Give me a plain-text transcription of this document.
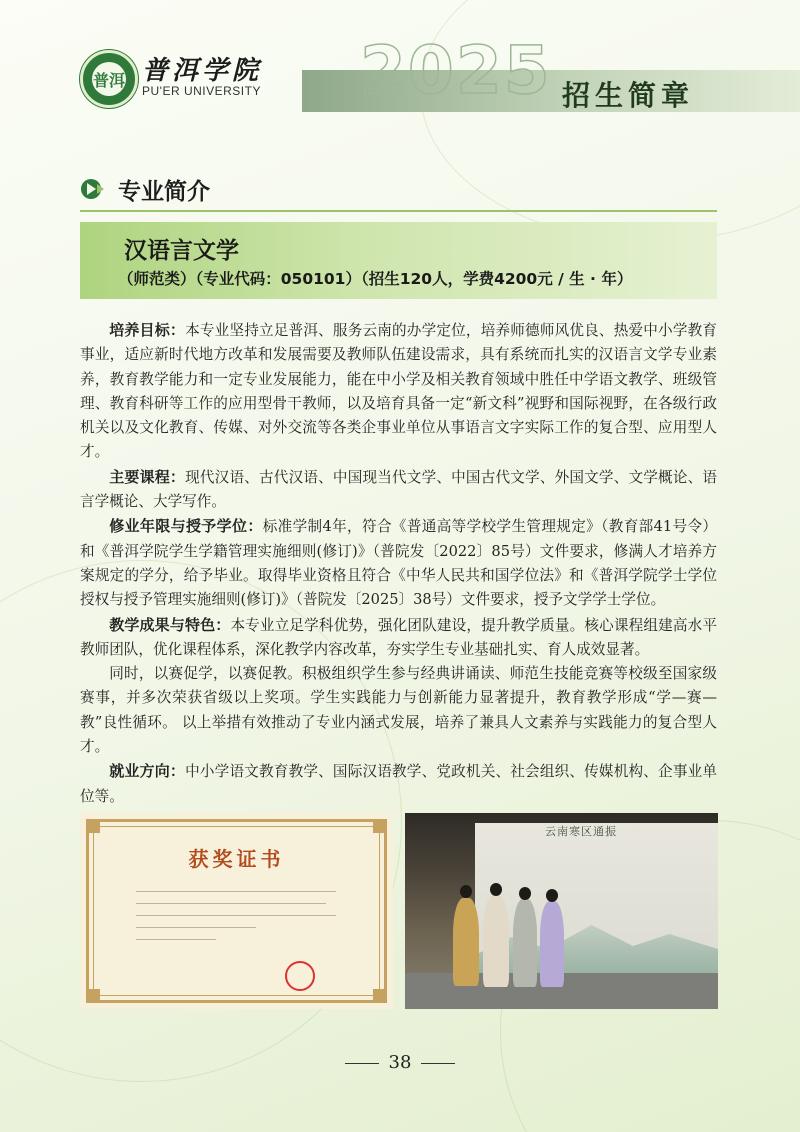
普洱 普洱学院
PU'ER UNIVERSITY 2025 招生简章
专业简介
汉语言文学
（师范类）（专业代码：050101）（招生120人，学费4200元 / 生 · 年）

培养目标：本专业坚持立足普洱、服务云南的办学定位，培养师德师风优良、热爱中小学教育事业，适应新时代地方改革和发展需要及教师队伍建设需求，具有系统而扎实的汉语言文学专业素养，教育教学能力和一定专业发展能力，能在中小学及相关教育领域中胜任中学语文教学、班级管理、教育科研等工作的应用型骨干教师，以及培育具备一定“新文科”视野和国际视野，在各级行政机关以及文化教育、传媒、对外交流等各类企事业单位从事语言文字实际工作的复合型、应用型人才。

主要课程：现代汉语、古代汉语、中国现当代文学、中国古代文学、外国文学、文学概论、语言学概论、大学写作。

修业年限与授予学位：标准学制4年，符合《普通高等学校学生管理规定》（教育部41号令）和《普洱学院学生学籍管理实施细则(修订)》（普院发〔2022〕85号）文件要求，修满人才培养方案规定的学分，给予毕业。取得毕业资格且符合《中华人民共和国学位法》和《普洱学院学士学位授权与授予管理实施细则(修订)》（普院发〔2025〕38号）文件要求，授予文学学士学位。

教学成果与特色：本专业立足学科优势，强化团队建设，提升教学质量。核心课程组建高水平教师团队，优化课程体系，深化教学内容改革，夯实学生专业基础扎实、育人成效显著。

同时，以赛促学，以赛促教。积极组织学生参与经典讲诵读、师范生技能竞赛等校级至国家级赛事，并多次荣获省级以上奖项。学生实践能力与创新能力显著提升，教育教学形成“学—赛—教”良性循环。 以上举措有效推动了专业内涵式发展，培养了兼具人文素养与实践能力的复合型人才。

就业方向：中小学语文教育教学、国际汉语教学、党政机关、社会组织、传媒机构、企事业单位等。

获奖证书
云南寒区通振
38
